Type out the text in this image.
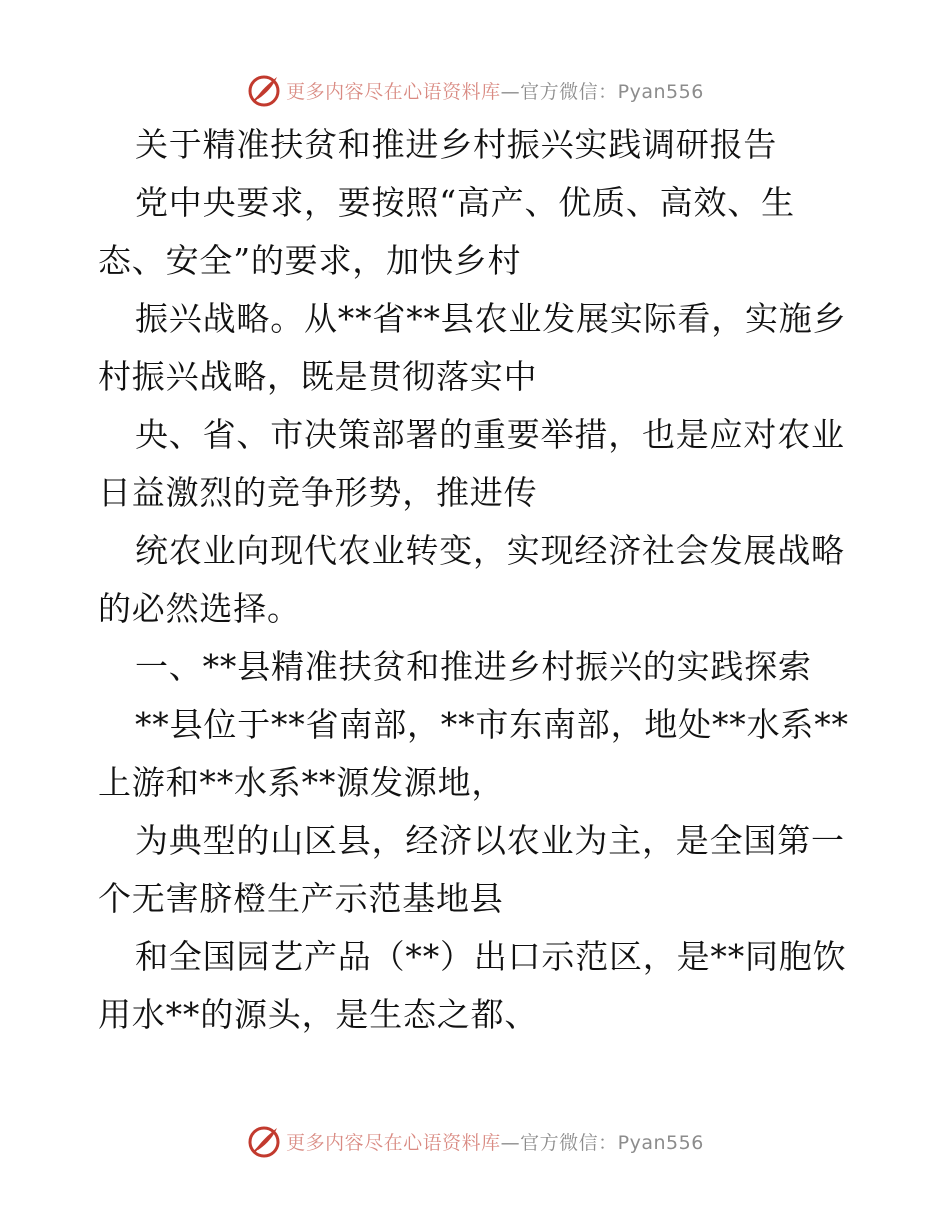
更多内容尽在心语资料库—官方微信：Pyan556
关于精准扶贫和推进乡村振兴实践调研报告
党中央要求，要按照“高产、优质、高效、生
态、安全”的要求，加快乡村
振兴战略。从**省**县农业发展实际看，实施乡
村振兴战略，既是贯彻落实中
央、省、市决策部署的重要举措，也是应对农业
日益激烈的竞争形势，推进传
统农业向现代农业转变，实现经济社会发展战略
的必然选择。
一、**县精准扶贫和推进乡村振兴的实践探索
**县位于**省南部，**市东南部，地处**水系**
上游和**水系**源发源地，
为典型的山区县，经济以农业为主，是全国第一
个无害脐橙生产示范基地县
和全国园艺产品（**）出口示范区，是**同胞饮
用水**的源头，是生态之都、
更多内容尽在心语资料库—官方微信：Pyan556
